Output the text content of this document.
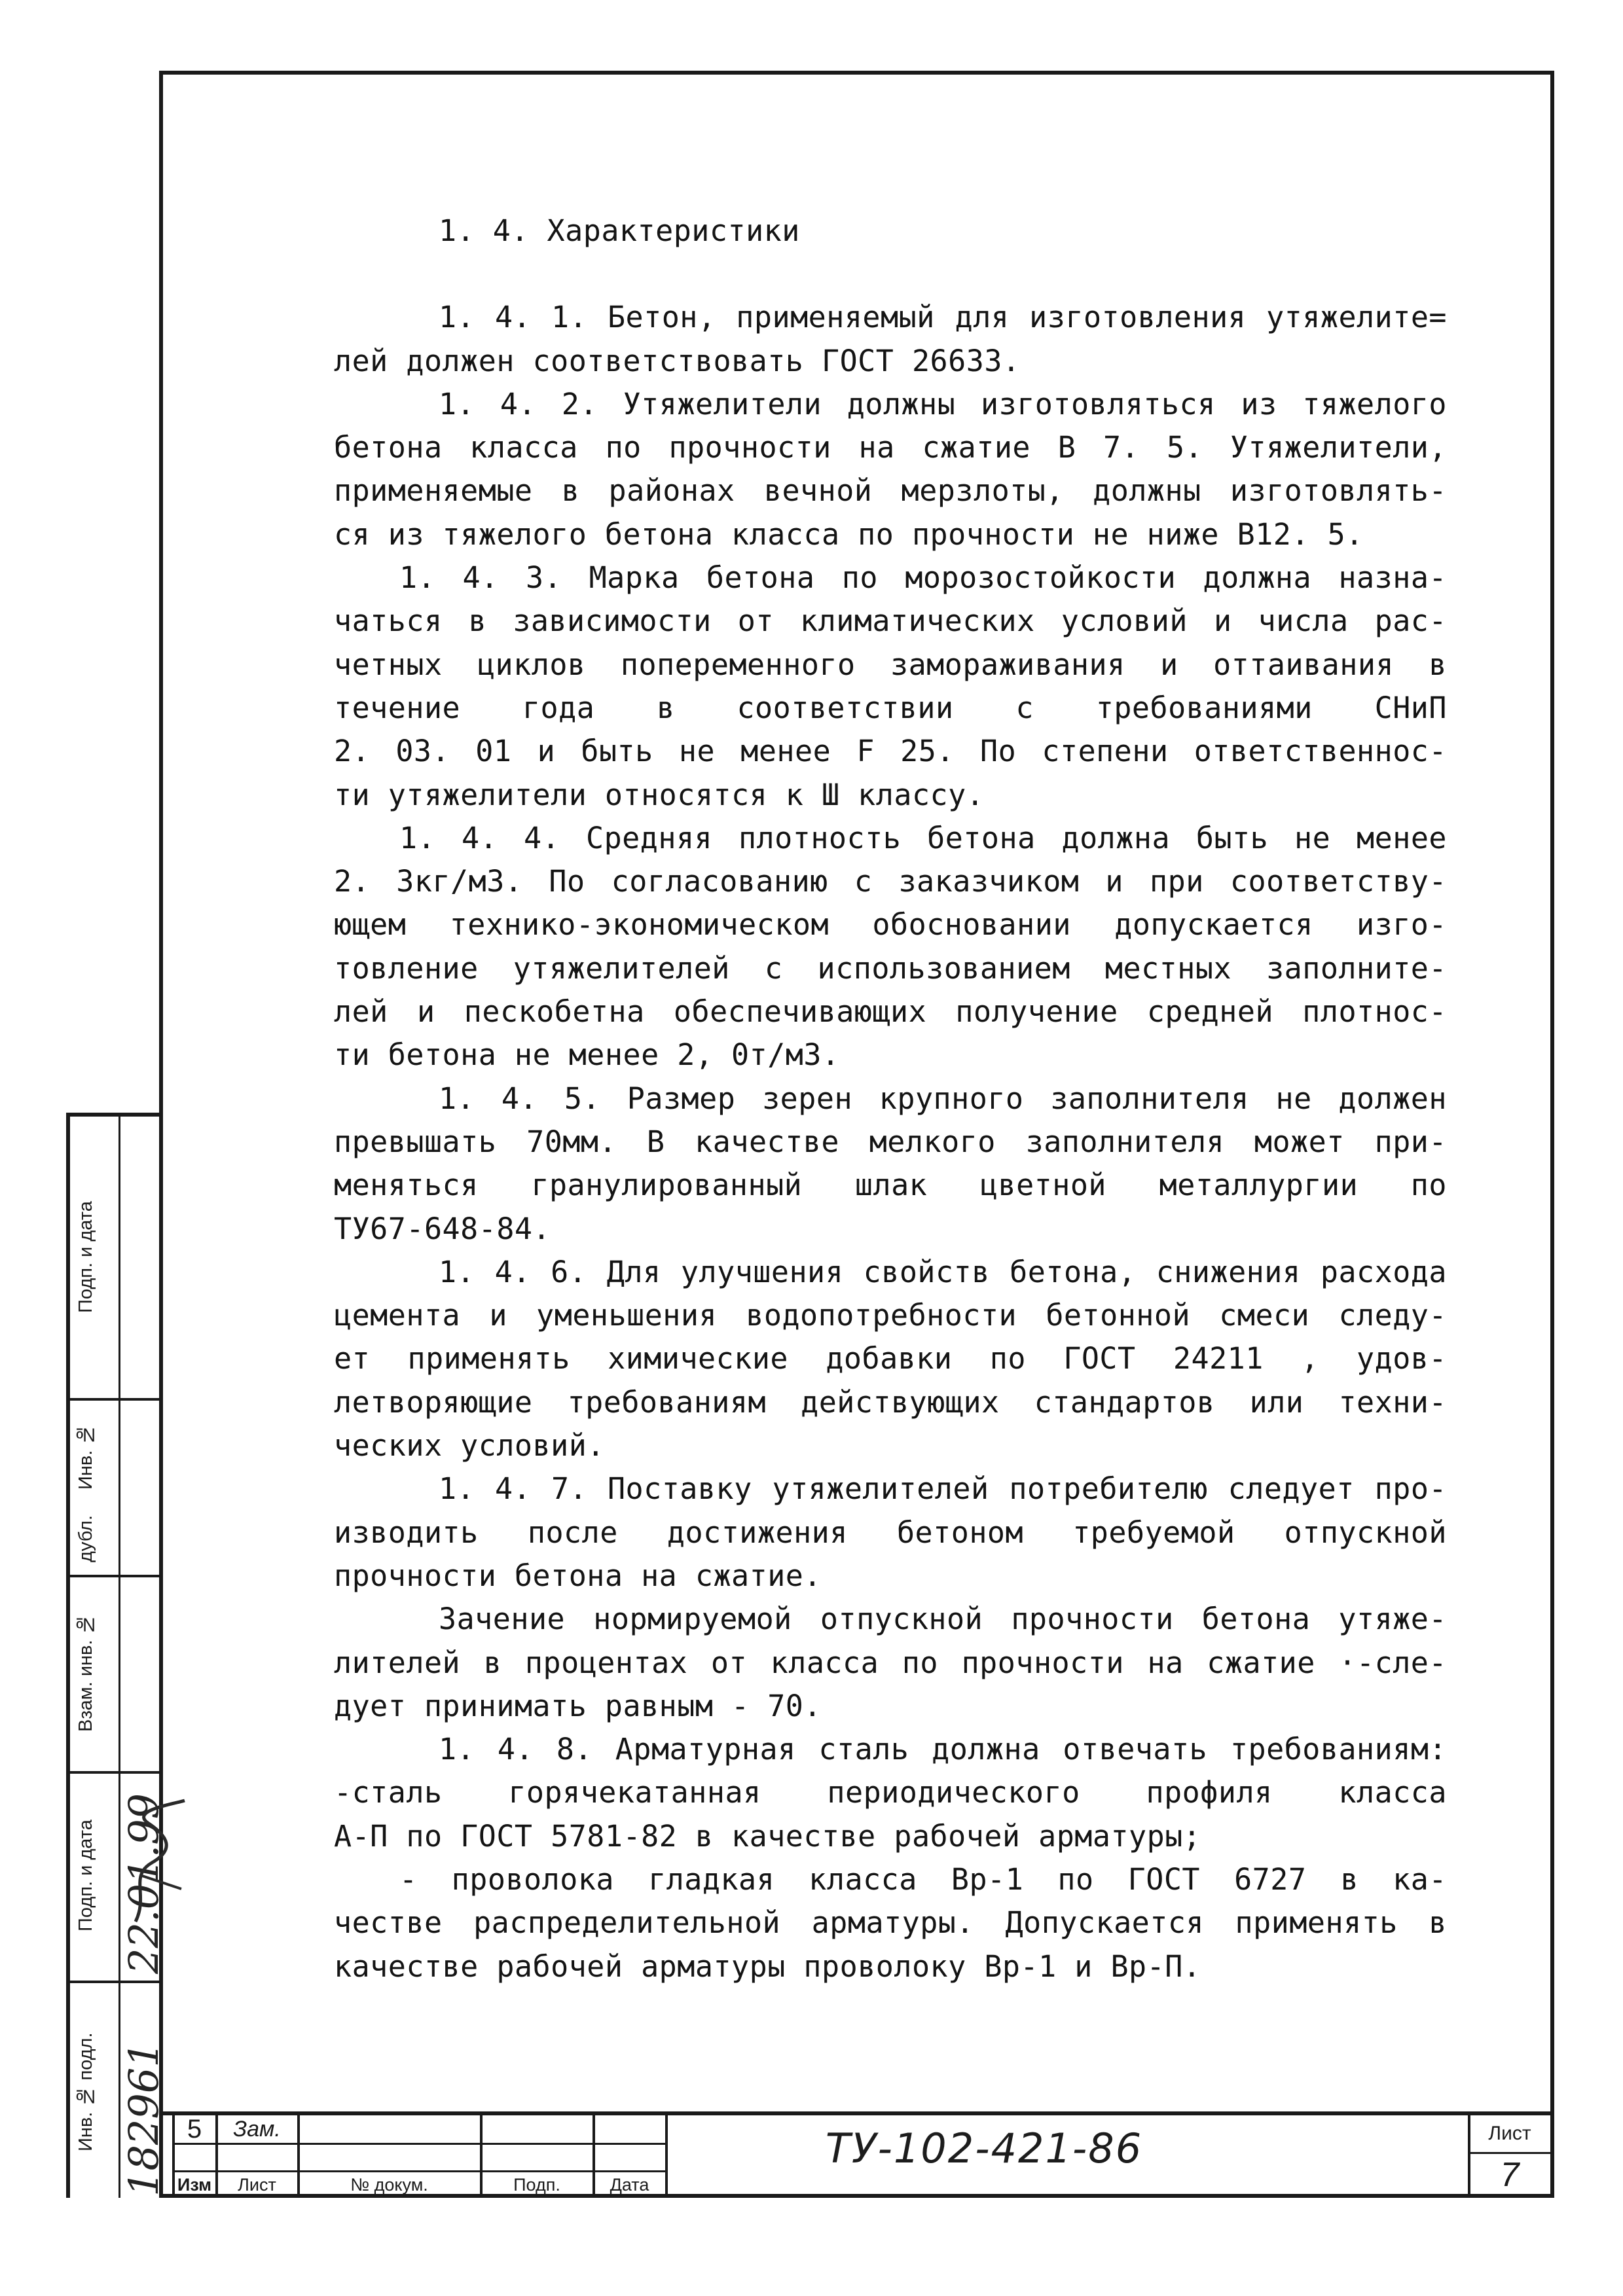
1. 4. Характеристики

1. 4. 1. Бетон, применяемый для изготовления утяжелите=

лей должен соответствовать ГОСТ 26633.

1. 4. 2. Утяжелители должны изготовляться из тяжелого

бетона класса по прочности на сжатие В 7. 5. Утяжелители,

применяемые в районах вечной мерзлоты, должны изготовлять-

ся из тяжелого бетона класса по прочности не ниже В12. 5.

1. 4. 3. Марка бетона по морозостойкости должна назна-

чаться в зависимости от климатических условий и числа рас-

четных циклов попеременного замораживания и оттаивания в

течение года в соответствии с требованиями СНиП

2. 03. 01 и быть не менее F 25. По степени ответственнос-

ти утяжелители относятся к Ш классу.

1. 4. 4. Средняя плотность бетона должна быть не менее

2. 3кг/м3. По согласованию с заказчиком и при соответству-

ющем технико-экономическом обосновании допускается изго-

товление утяжелителей с использованием местных заполните-

лей и пескобетна обеспечивающих получение средней плотнос-

ти бетона не менее 2, 0т/м3.

1. 4. 5. Размер зерен крупного заполнителя не должен

превышать 70мм. В качестве мелкого заполнителя может при-

меняться гранулированный шлак цветной металлургии по

ТУ67-648-84.

1. 4. 6. Для улучшения свойств бетона, снижения расхода

цемента и уменьшения водопотребности бетонной смеси следу-

ет применять химические добавки по ГОСТ 24211 , удов-

летворяющие требованиям действующих стандартов или техни-

ческих условий.

1. 4. 7. Поставку утяжелителей потребителю следует про-

изводить после достижения бетоном требуемой отпускной

прочности бетона на сжатие.

Зачение нормируемой отпускной прочности бетона утяже-

лителей в процентах от класса по прочности на сжатие ·-сле-

дует принимать равным - 70.

1. 4. 8. Арматурная сталь должна отвечать требованиям:

-сталь горячекатанная периодического профиля класса

А-П по ГОСТ 5781-82 в качестве рабочей арматуры;

- проволока гладкая класса Вр-1 по ГОСТ 6727 в ка-

честве распределительной арматуры. Допускается применять в

качестве рабочей арматуры проволоку Вр-1 и Вр-П.

Инв. № подл.
Подп. и дата
Взам. инв. №
Инв. №
дубл.
Подп. и дата
182961
22.01.99
5	Зам.
Изм	Лист	№ докум.	Подп.	Дата
ТУ-102-421-86	Лист
7
